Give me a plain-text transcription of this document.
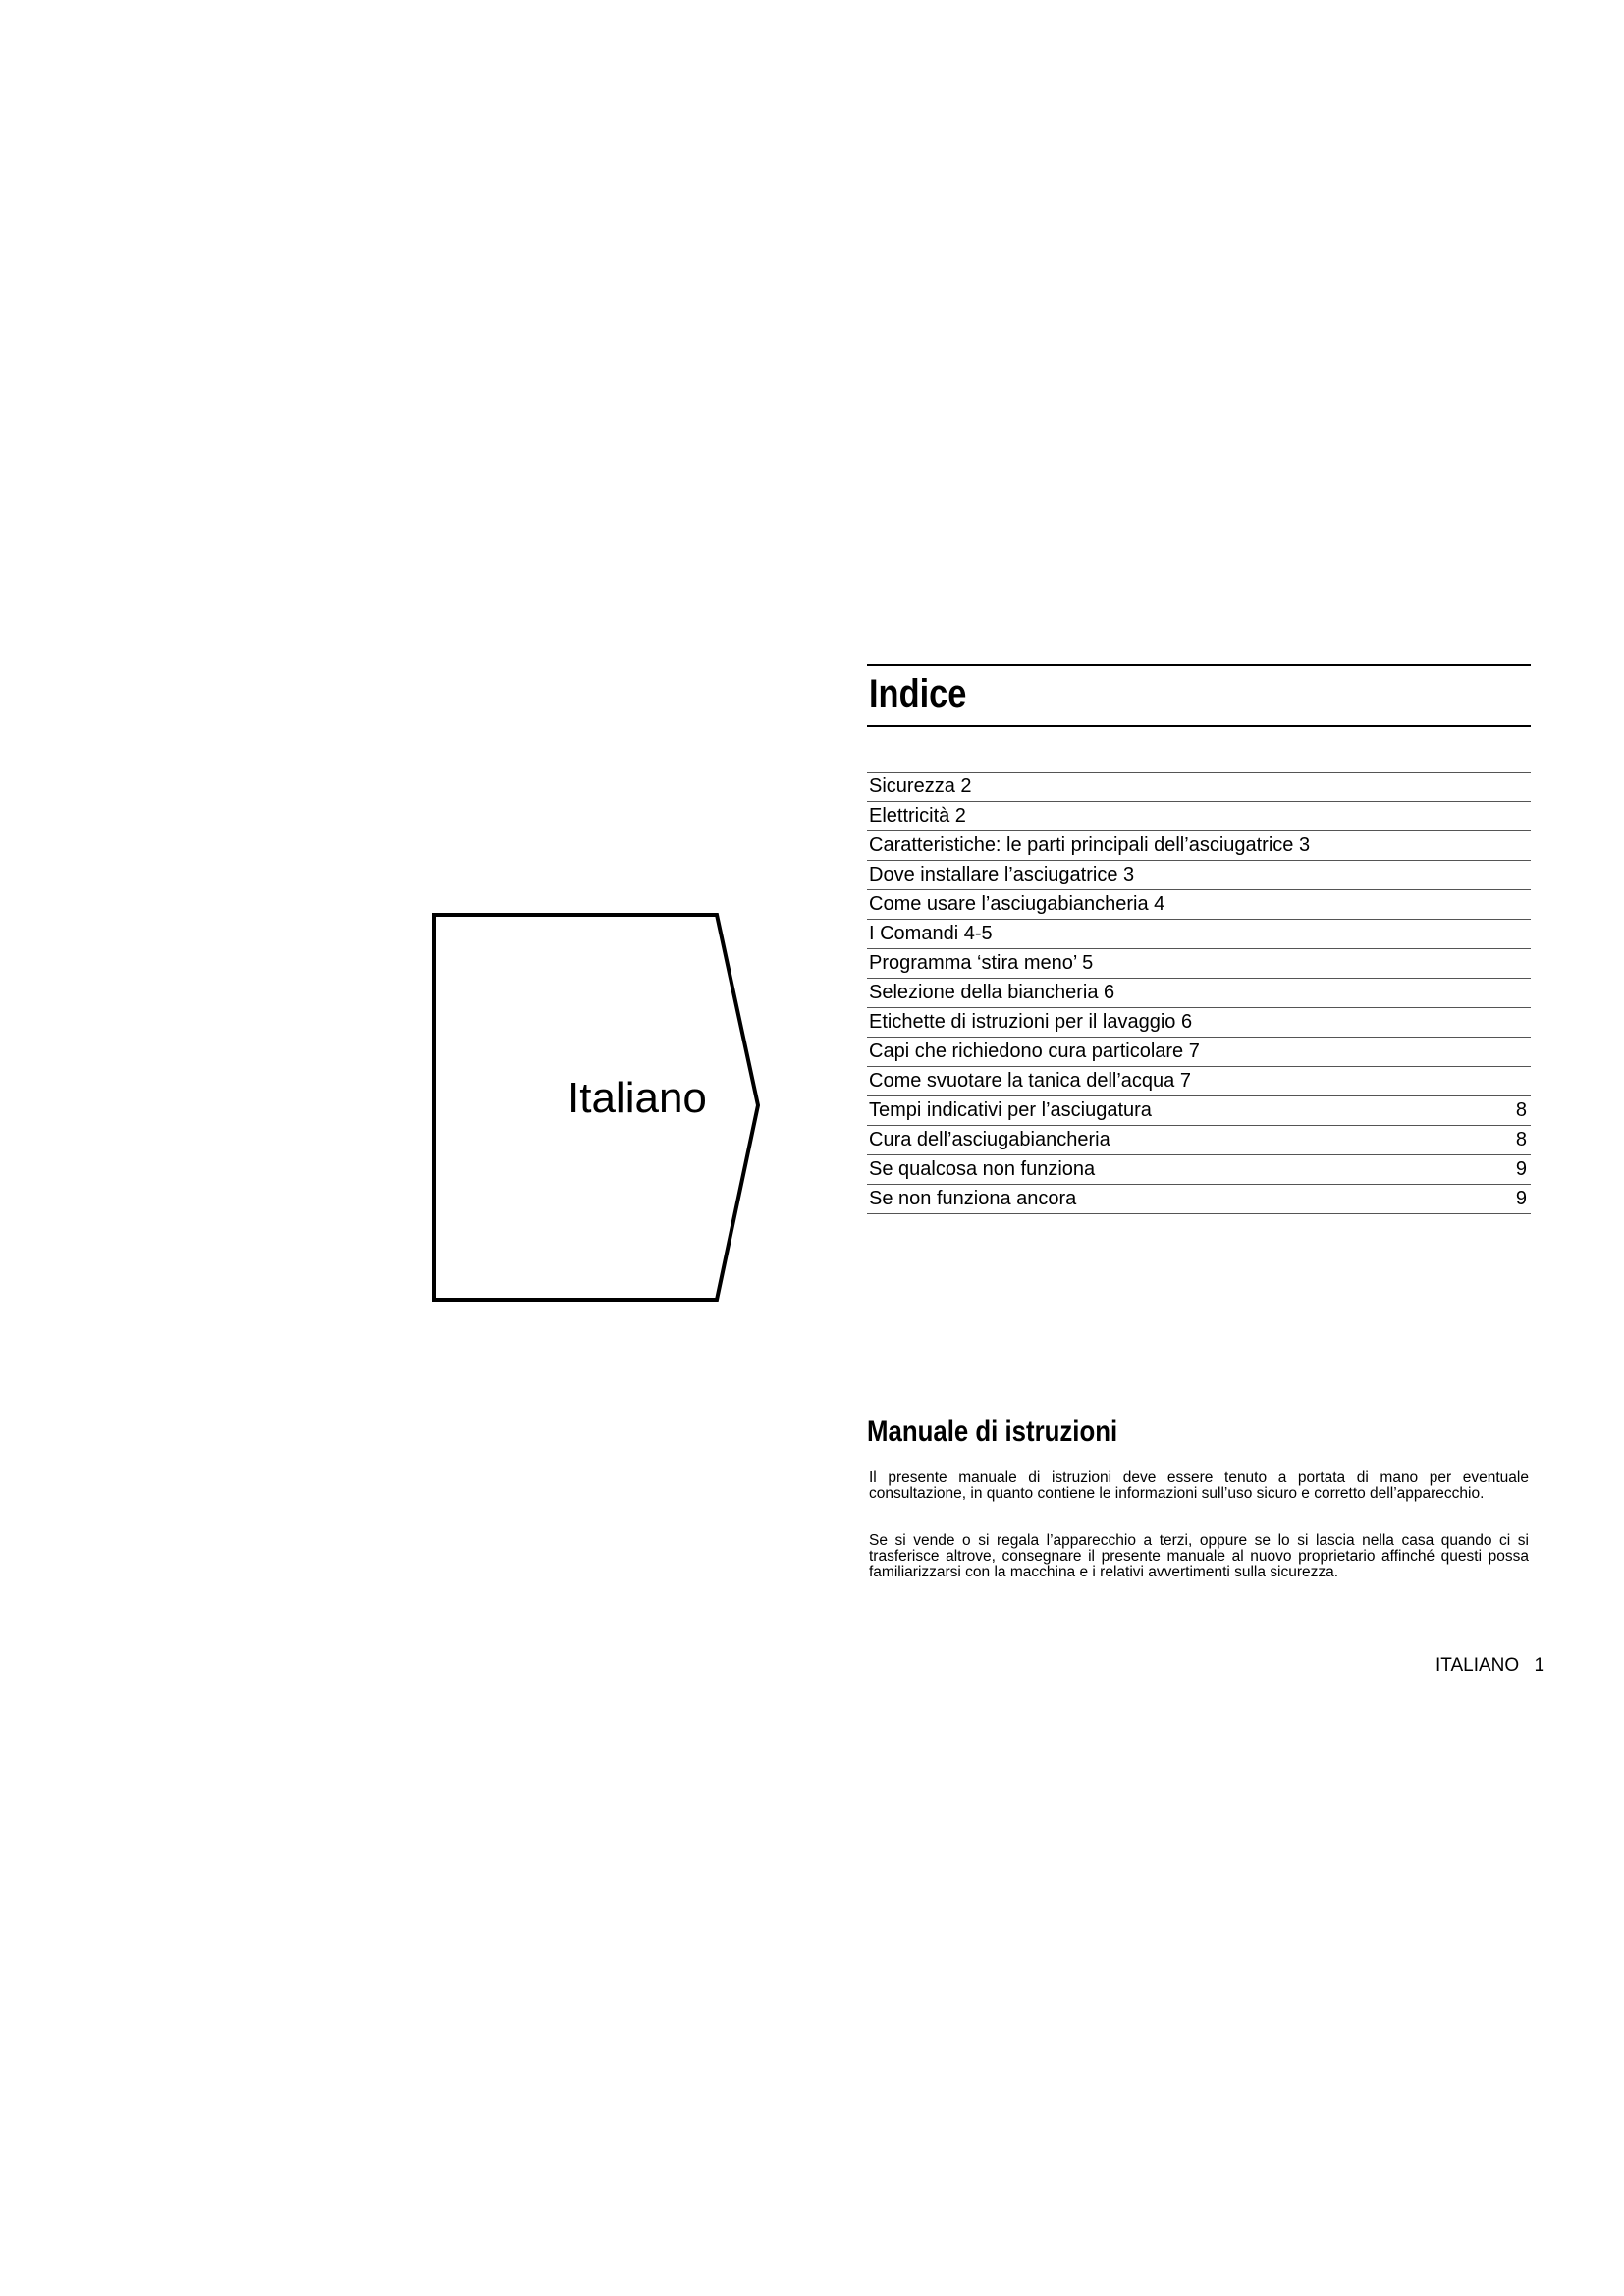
Italiano
Indice
Sicurezza 2
Elettricità 2
Caratteristiche: le parti principali dell’asciugatrice 3
Dove installare l’asciugatrice 3
Come usare l’asciugabiancheria 4
I Comandi 4-5
Programma ‘stira meno’ 5
Selezione della biancheria 6
Etichette di istruzioni per il lavaggio 6
Capi che richiedono cura particolare 7
Come svuotare la tanica dell’acqua 7
Tempi indicativi per l’asciugatura	8
Cura dell’asciugabiancheria	8
Se qualcosa non funziona	9
Se non funziona ancora	9
Manuale di istruzioni

Il presente manuale di istruzioni deve essere tenuto a portata di mano per eventuale consultazione, in quanto contiene le informazioni sull’uso sicuro e corretto dell’apparecchio.

Se si vende o si regala l’apparecchio a terzi, oppure se lo si lascia nella casa quando ci si trasferisce altrove, consegnare il presente manuale al nuovo proprietario affinché questi possa familiarizzarsi con la macchina e i relativi avvertimenti sulla sicurezza.

ITALIANO 1
